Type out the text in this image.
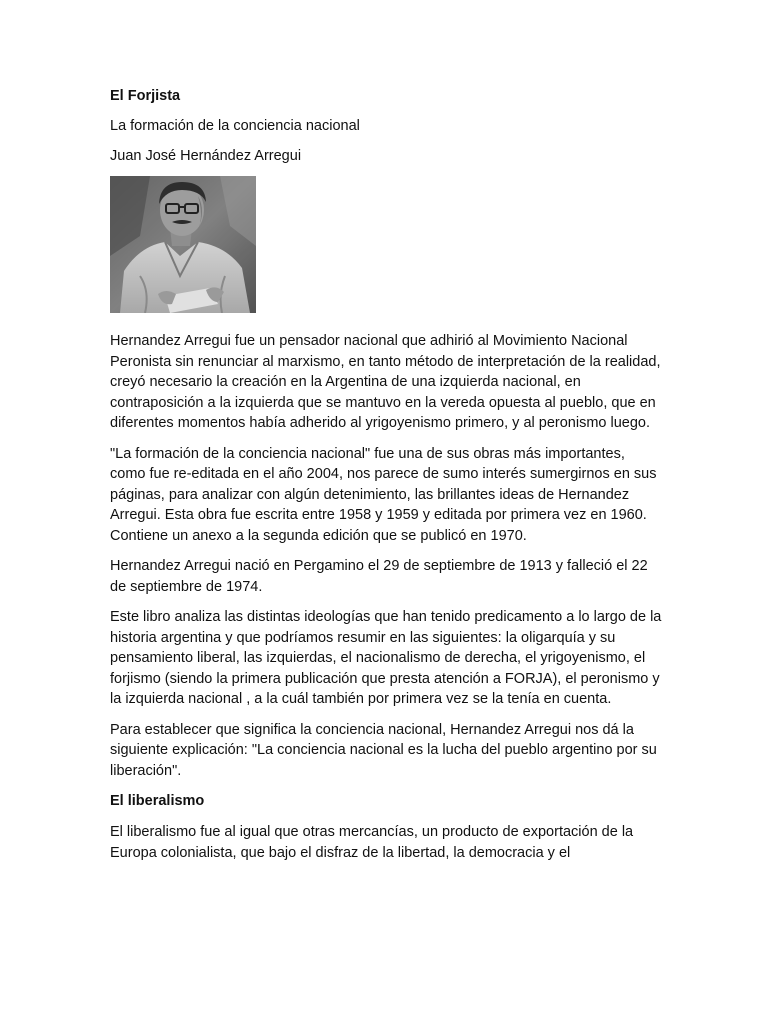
El Forjista
La formación de la conciencia nacional
Juan José Hernández Arregui

Hernandez Arregui fue un pensador nacional que adhirió al Movimiento Nacional Peronista sin renunciar al marxismo, en tanto método de interpretación de la realidad, creyó necesario la creación en la Argentina de una izquierda nacional, en contraposición a la izquierda que se mantuvo en la vereda opuesta al pueblo, que en diferentes momentos había adherido al yrigoyenismo primero, y al peronismo luego.

"La formación de la conciencia nacional" fue una de sus obras más importantes, como fue re-editada en el año 2004, nos parece de sumo interés sumergirnos en sus páginas, para analizar con algún detenimiento, las brillantes ideas de Hernandez Arregui. Esta obra fue escrita entre 1958 y 1959 y editada por primera vez en 1960. Contiene un anexo a la segunda edición que se publicó en 1970.

Hernandez Arregui nació en Pergamino el 29 de septiembre de 1913 y falleció el 22 de septiembre de 1974.

Este libro analiza las distintas ideologías que han tenido predicamento a lo largo de la historia argentina y que podríamos resumir en las siguientes: la oligarquía y su pensamiento liberal, las izquierdas, el nacionalismo de derecha, el yrigoyenismo, el forjismo (siendo la primera publicación que presta atención a FORJA), el peronismo y la izquierda nacional , a la cuál también por primera vez se la tenía en cuenta.

Para establecer que significa la conciencia nacional, Hernandez Arregui nos dá la siguiente explicación: "La conciencia nacional es la lucha del pueblo argentino por su liberación".

El liberalismo

El liberalismo fue al igual que otras mercancías, un producto de exportación de la Europa colonialista, que bajo el disfraz de la libertad, la democracia y el
